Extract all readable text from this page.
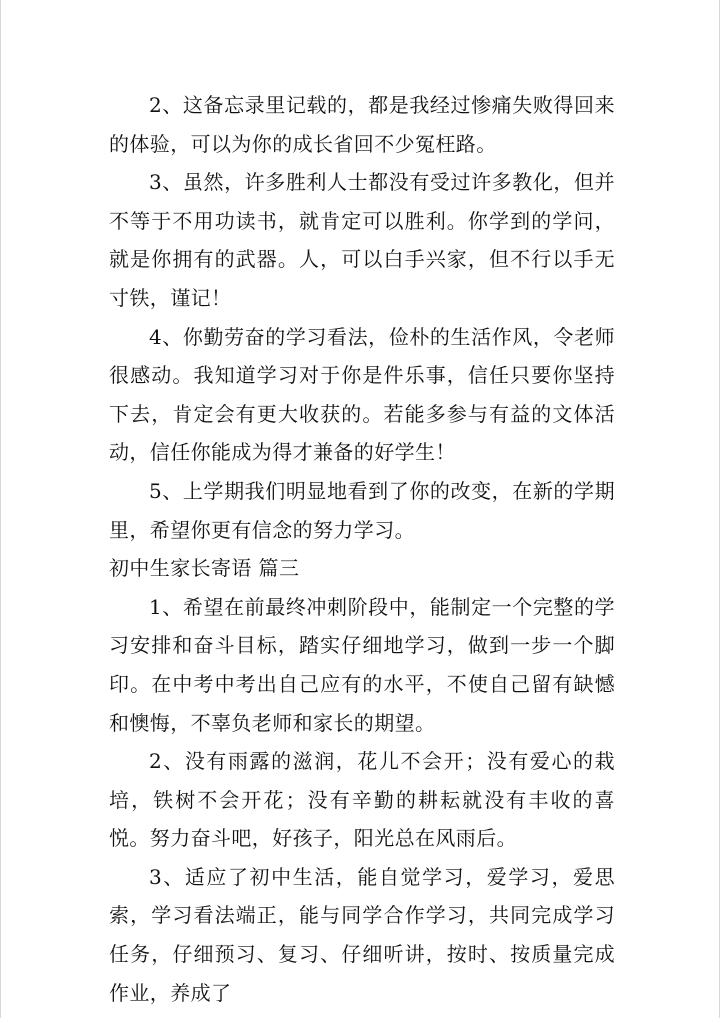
2、这备忘录里记载的，都是我经过惨痛失败得回来的体验，可以为你的成长省回不少冤枉路。

3、虽然，许多胜利人士都没有受过许多教化，但并不等于不用功读书，就肯定可以胜利。你学到的学问，就是你拥有的武器。人，可以白手兴家，但不行以手无寸铁，谨记！

4、你勤劳奋的学习看法，俭朴的生活作风，令老师很感动。我知道学习对于你是件乐事，信任只要你坚持下去，肯定会有更大收获的。若能多参与有益的文体活动，信任你能成为得才兼备的好学生！

5、上学期我们明显地看到了你的改变，在新的学期里，希望你更有信念的努力学习。

初中生家长寄语 篇三

1、希望在前最终冲刺阶段中，能制定一个完整的学习安排和奋斗目标，踏实仔细地学习，做到一步一个脚印。在中考中考出自己应有的水平，不使自己留有缺憾和懊悔，不辜负老师和家长的期望。

2、没有雨露的滋润，花儿不会开；没有爱心的栽培，铁树不会开花；没有辛勤的耕耘就没有丰收的喜悦。努力奋斗吧，好孩子，阳光总在风雨后。

3、适应了初中生活，能自觉学习，爱学习，爱思索，学习看法端正，能与同学合作学习，共同完成学习任务，仔细预习、复习、仔细听讲，按时、按质量完成作业，养成了
